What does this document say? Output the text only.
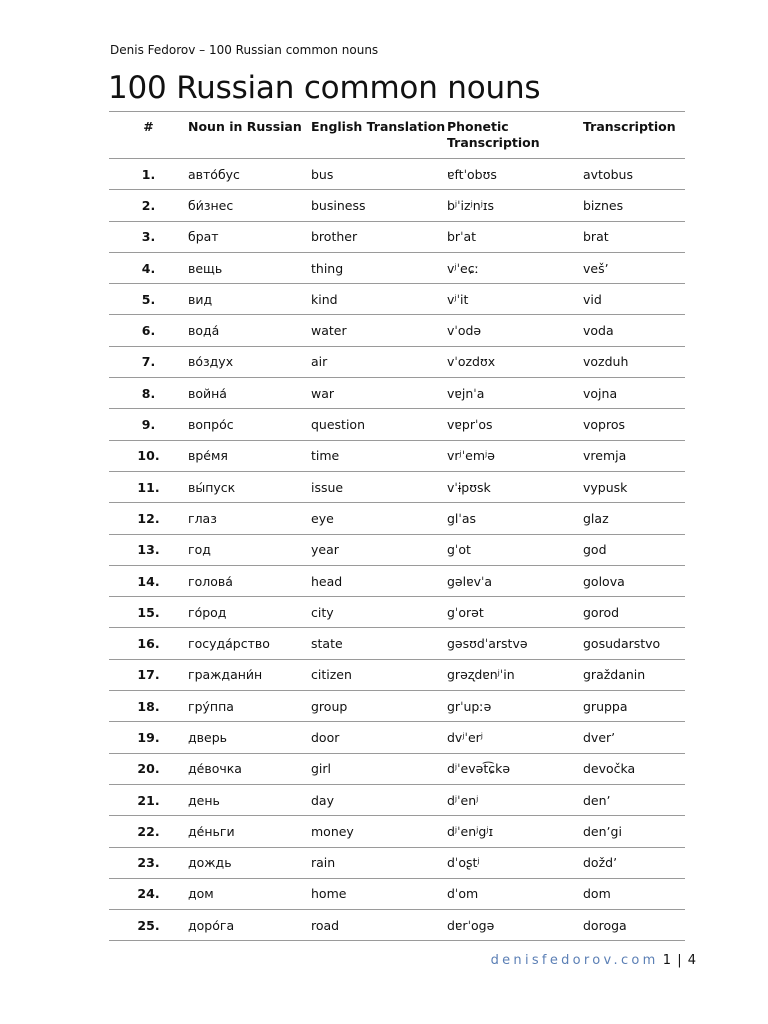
Denis Fedorov – 100 Russian common nouns
100 Russian common nouns
#	Noun in Russian	English Translation	Phonetic Transcription	Transcription
1.	авто́бус	bus	ɐftˈobʊs	avtobus
2.	би́знес	business	bʲˈizʲnʲɪs	biznes
3.	брат	brother	brˈat	brat
4.	вещь	thing	vʲˈeɕː	vešʼ
5.	вид	kind	vʲˈit	vid
6.	вода́	water	vˈodə	voda
7.	во́здух	air	vˈozdʊx	vozduh
8.	война́	war	vɐjnˈa	vojna
9.	вопро́с	question	vɐprˈos	vopros
10.	вре́мя	time	vrʲˈemʲə	vremja
11.	вы́пуск	issue	vˈɨpʊsk	vypusk
12.	глаз	eye	glˈas	glaz
13.	год	year	gˈot	god
14.	голова́	head	gəlɐvˈa	golova
15.	го́род	city	gˈorət	gorod
16.	госуда́рство	state	gəsʊdˈarstvə	gosudarstvo
17.	граждани́н	citizen	grəʐdɐnʲˈin	graždanin
18.	гру́ппа	group	grˈupːə	gruppa
19.	дверь	door	dvʲˈerʲ	dverʼ
20.	де́вочка	girl	dʲˈevət͡ɕkə	devočka
21.	день	day	dʲˈenʲ	denʼ
22.	де́ньги	money	dʲˈenʲgʲɪ	denʼgi
23.	дождь	rain	dˈoʂtʲ	doždʼ
24.	дом	home	dˈom	dom
25.	доро́га	road	dɐrˈogə	doroga
denisfedorov.com 1 | 4
